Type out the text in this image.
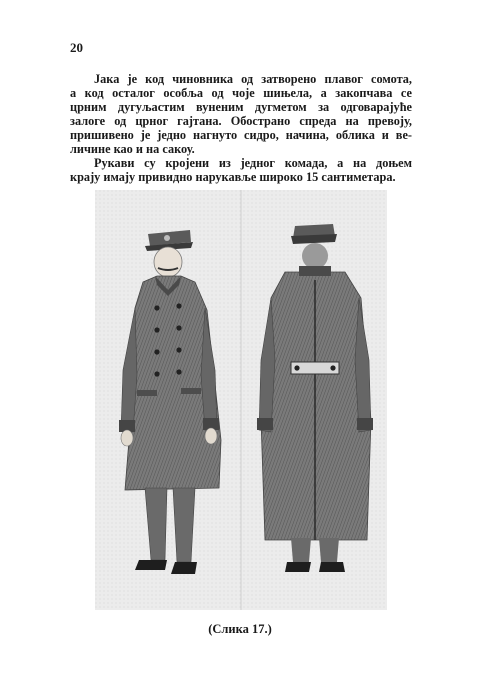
20
Јака је код чиновника од затворено плавог сомота,
а код осталог особља од чоје шињела, а закопчава се
црним дугуљастим вуненим дугметом за одговарајуће
залоге од црног гајтана. Обострано спреда на превоју,
пришивено је једно нагнуто сидро, начина, облика и ве-
личине као и на сакоу.
Рукави су кројени из једног комада, а на доњем
крају имају привидно нарукавље широко 15 сантиметара.
(Слика 17.)
